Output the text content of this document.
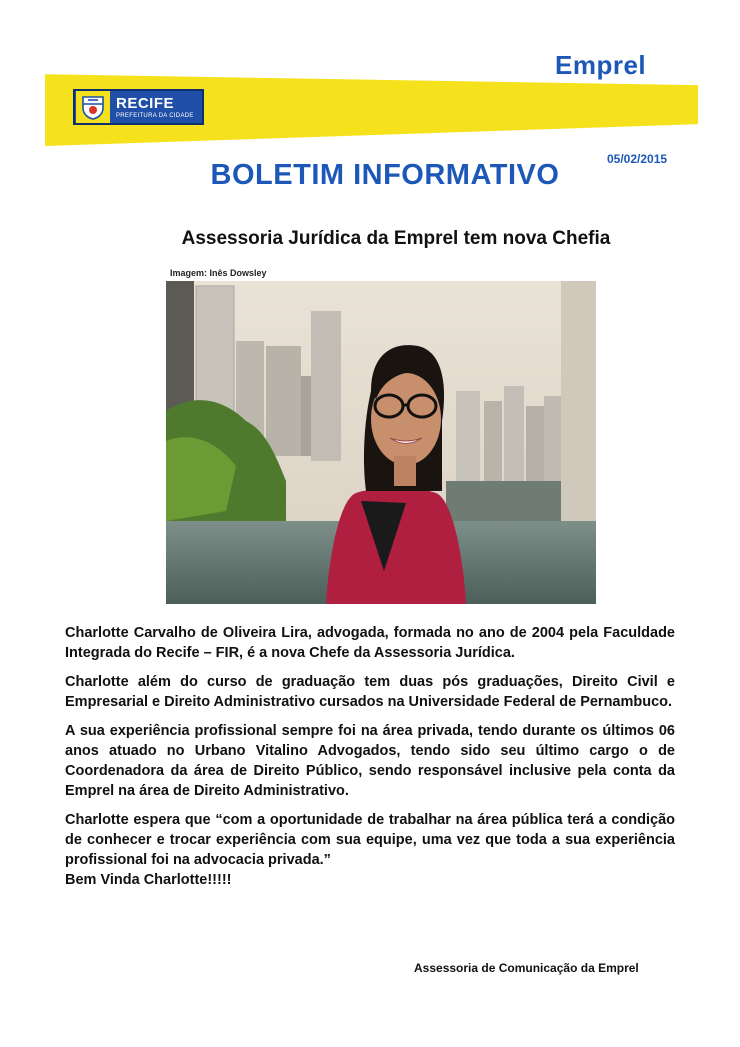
Emprel
RECIFE
PREFEITURA DA CIDADE
05/02/2015
BOLETIM INFORMATIVO
Assessoria Jurídica da Emprel tem nova Chefia
Imagem: Inês Dowsley

Charlotte Carvalho de Oliveira Lira, advogada, formada no ano de 2004 pela Faculdade Integrada do Recife – FIR, é a nova Chefe da Assessoria Jurídica.

Charlotte além do curso de graduação tem duas pós graduações, Direito Civil e Empresarial e Direito Administrativo cursados na Universidade Federal de Pernambuco.

A sua experiência profissional sempre foi na área privada, tendo durante os últimos 06 anos atuado no Urbano Vitalino Advogados, tendo sido seu último cargo o de Coordenadora da área de Direito Público, sendo responsável inclusive pela conta da Emprel na área de Direito Administrativo.

Charlotte espera que “com a oportunidade de trabalhar na área pública terá a condição de conhecer e trocar experiência com sua equipe, uma vez que toda a sua experiência profissional foi na advocacia privada.”

Bem Vinda Charlotte!!!!!

Assessoria de Comunicação da Emprel
